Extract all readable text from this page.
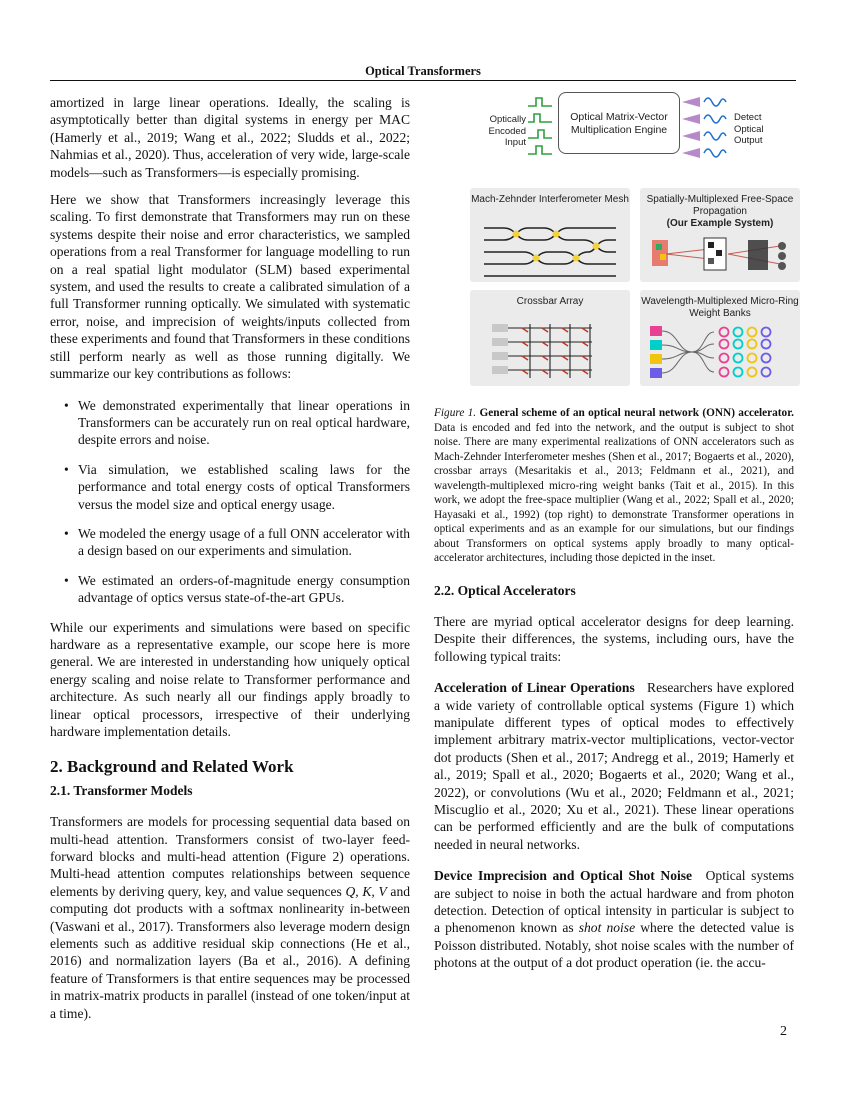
Optical Transformers

amortized in large linear operations. Ideally, the scaling is asymptotically better than digital systems in energy per MAC (Hamerly et al., 2019; Wang et al., 2022; Sludds et al., 2022; Nahmias et al., 2020). Thus, acceleration of very wide, large-scale models—such as Transformers—is especially promising.

Here we show that Transformers increasingly leverage this scaling. To first demonstrate that Transformers may run on these systems despite their noise and error characteristics, we sampled operations from a real Transformer for language modelling to run on a real spatial light modulator (SLM) based experimental system, and used the results to create a calibrated simulation of a full Transformer running optically. We simulated with systematic error, noise, and imprecision of weights/inputs collected from these experiments and found that Transformers in these conditions still perform nearly as well as those running digitally. We summarize our key contributions as follows:

• We demonstrated experimentally that linear operations in Transformers can be accurately run on real optical hardware, despite errors and noise.
• Via simulation, we established scaling laws for the performance and total energy costs of optical Transformers versus the model size and optical energy usage.
• We modeled the energy usage of a full ONN accelerator with a design based on our experiments and simulation.
• We estimated an orders-of-magnitude energy consumption advantage of optics versus state-of-the-art GPUs.

While our experiments and simulations were based on specific hardware as a representative example, our scope here is more general. We are interested in understanding how uniquely optical energy scaling and noise relate to Transformer performance and architecture. As such nearly all our findings apply broadly to linear optical processors, irrespective of their underlying hardware implementation details.

2. Background and Related Work
2.1. Transformer Models

Transformers are models for processing sequential data based on multi-head attention. Transformers consist of two-layer feed-forward blocks and multi-head attention (Figure 2) operations. Multi-head attention computes relationships between sequence elements by deriving query, key, and value sequences Q, K, V and computing dot products with a softmax nonlinearity in-between (Vaswani et al., 2017). Transformers also leverage modern design elements such as additive residual skip connections (He et al., 2016) and normalization layers (Ba et al., 2016). A defining feature of Transformers is that entire sequences may be processed in matrix-matrix products in parallel (instead of one token/input at a time).

Optically Encoded Input
Optical Matrix-Vector Multiplication Engine
Detect Optical Output
Mach-Zehnder Interferometer Mesh	Spatially-Multiplexed Free-Space Propagation
(Our Example System)
Crossbar Array	Wavelength-Multiplexed Micro-Ring Weight Banks

Figure 1. General scheme of an optical neural network (ONN) accelerator. Data is encoded and fed into the network, and the output is subject to shot noise. There are many experimental realizations of ONN accelerators such as Mach-Zehnder Interferometer meshes (Shen et al., 2017; Bogaerts et al., 2020), crossbar arrays (Mesaritakis et al., 2013; Feldmann et al., 2021), and wavelength-multiplexed micro-ring weight banks (Tait et al., 2015). In this work, we adopt the free-space multiplier (Wang et al., 2022; Spall et al., 2020; Hayasaki et al., 1992) (top right) to demonstrate Transformer operations in optical experiments and as an example for our simulations, but our findings about Transformers on optical systems apply broadly to many optical-accelerator architectures, including those depicted in the inset.

2.2. Optical Accelerators

There are myriad optical accelerator designs for deep learning. Despite their differences, the systems, including ours, have the following typical traits:

Acceleration of Linear Operations Researchers have explored a wide variety of controllable optical systems (Figure 1) which manipulate different types of optical modes to effectively implement arbitrary matrix-vector multiplications, vector-vector dot products (Shen et al., 2017; Andregg et al., 2019; Hamerly et al., 2019; Spall et al., 2020; Bogaerts et al., 2020; Wang et al., 2022), or convolutions (Wu et al., 2020; Feldmann et al., 2021; Miscuglio et al., 2020; Xu et al., 2021). These linear operations can be performed efficiently and are the bulk of computations needed in neural networks.

Device Imprecision and Optical Shot Noise Optical systems are subject to noise in both the actual hardware and from photon detection. Detection of optical intensity in particular is subject to a phenomenon known as shot noise where the detected value is Poisson distributed. Notably, shot noise scales with the number of photons at the output of a dot product operation (ie. the accu-

2
